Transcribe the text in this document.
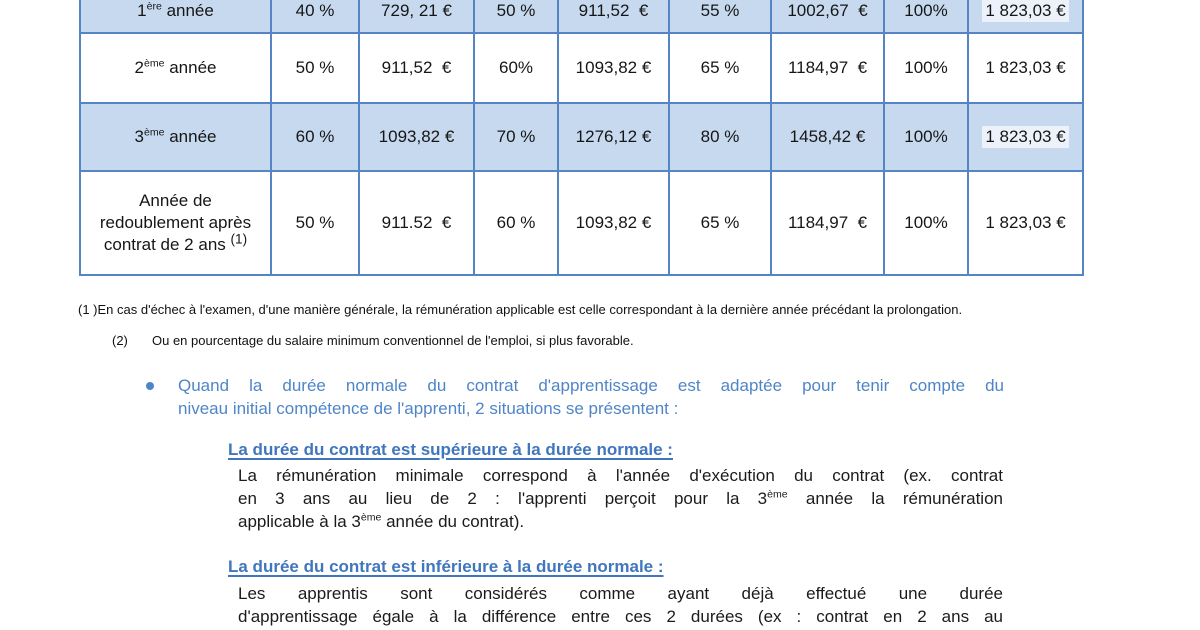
1ère année	40 %	729, 21 €	50 %	911,52  €	55 %	1002,67  €	100%	1 823,03 €
2ème année	50 %	911,52  €	60%	1093,82 €	65 %	1184,97  €	100%	1 823,03 €
3ème année	60 %	1093,82 €	70 %	1276,12 €	80 %	1458,42 €	100%	1 823,03 €
Année de redoublement après contrat de 2 ans $^{(1)}$	50 %	911.52  €	60 %	1093,82 €	65 %	1184,97  €	100%	1 823,03 €
(1 )En cas d'échec à l'examen, d'une manière générale, la rémunération applicable est celle correspondant à la dernière année précédant la prolongation.
(2)	Ou en pourcentage du salaire minimum conventionnel de l'emploi, si plus favorable.
Quand la durée normale du contrat d'apprentissage est adaptée pour tenir compte du
niveau initial compétence de l'apprenti, 2 situations se présentent :
La durée du contrat est supérieure à la durée normale :
La rémunération minimale correspond à l'année d'exécution du contrat (ex. contrat
en 3 ans au lieu de 2 : l'apprenti perçoit pour la 3ème année la rémunération
applicable à la 3ème année du contrat).
La durée du contrat est inférieure à la durée normale :
Les apprentis sont considérés comme ayant déjà effectué une durée
d'apprentissage égale à la différence entre ces 2 durées (ex : contrat en 2 ans au
